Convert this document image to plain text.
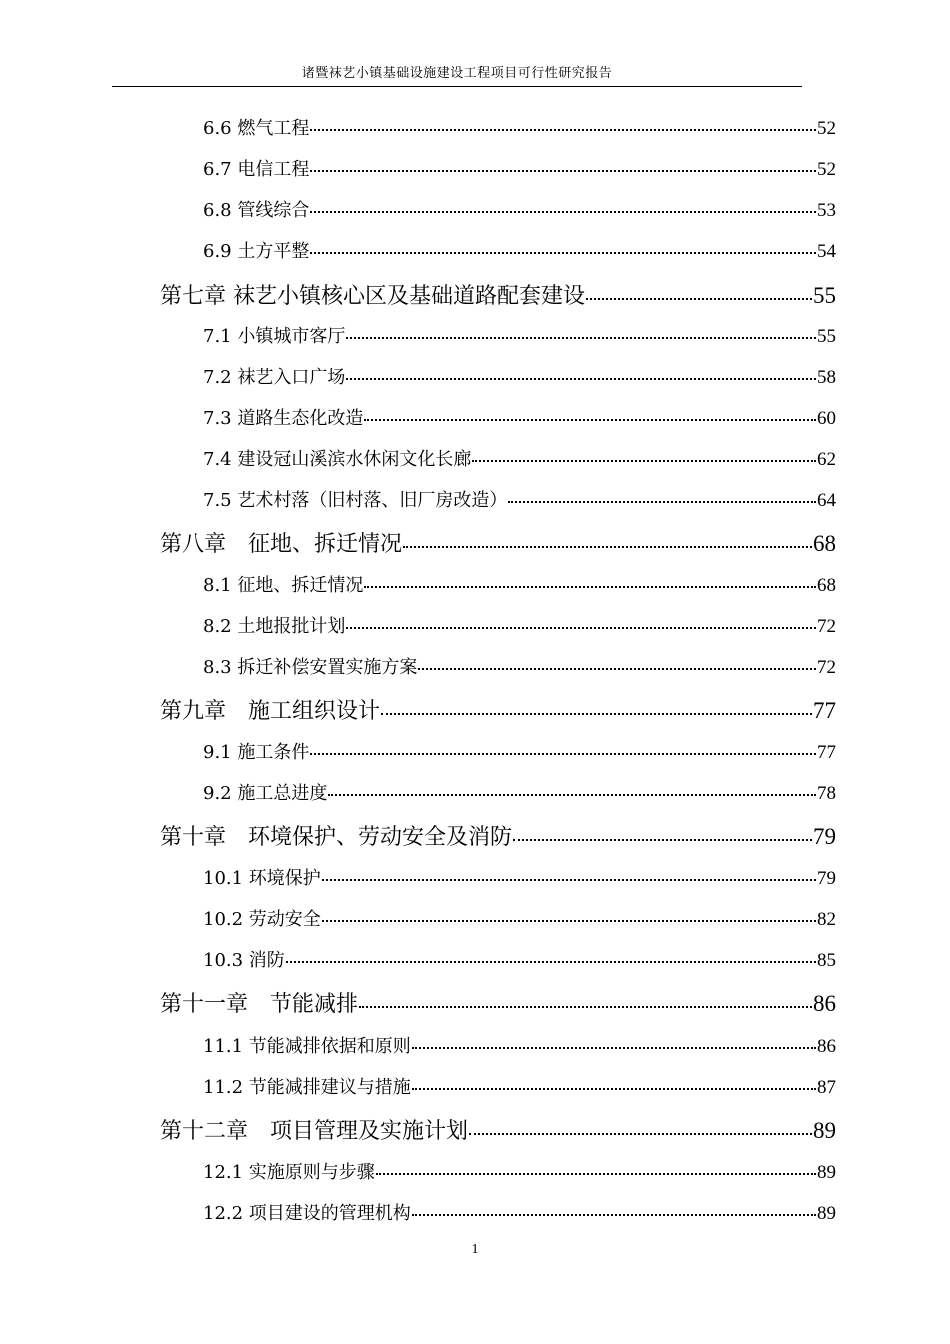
诸暨袜艺小镇基础设施建设工程项目可行性研究报告
6.6 燃气工程	52
6.7 电信工程	52
6.8 管线综合	53
6.9 土方平整	54
第七章 袜艺小镇核心区及基础道路配套建设	55
7.1 小镇城市客厅	55
7.2 袜艺入口广场	58
7.3 道路生态化改造	60
7.4 建设冠山溪滨水休闲文化长廊	62
7.5 艺术村落（旧村落、旧厂房改造）	64
第八章　征地、拆迁情况	68
8.1 征地、拆迁情况	68
8.2 土地报批计划	72
8.3 拆迁补偿安置实施方案	72
第九章　施工组织设计	77
9.1 施工条件	77
9.2 施工总进度	78
第十章　环境保护、劳动安全及消防	79
10.1 环境保护	79
10.2 劳动安全	82
10.3 消防	85
第十一章　节能减排	86
11.1 节能减排依据和原则	86
11.2 节能减排建议与措施	87
第十二章　项目管理及实施计划	89
12.1 实施原则与步骤	89
12.2 项目建设的管理机构	89
1
